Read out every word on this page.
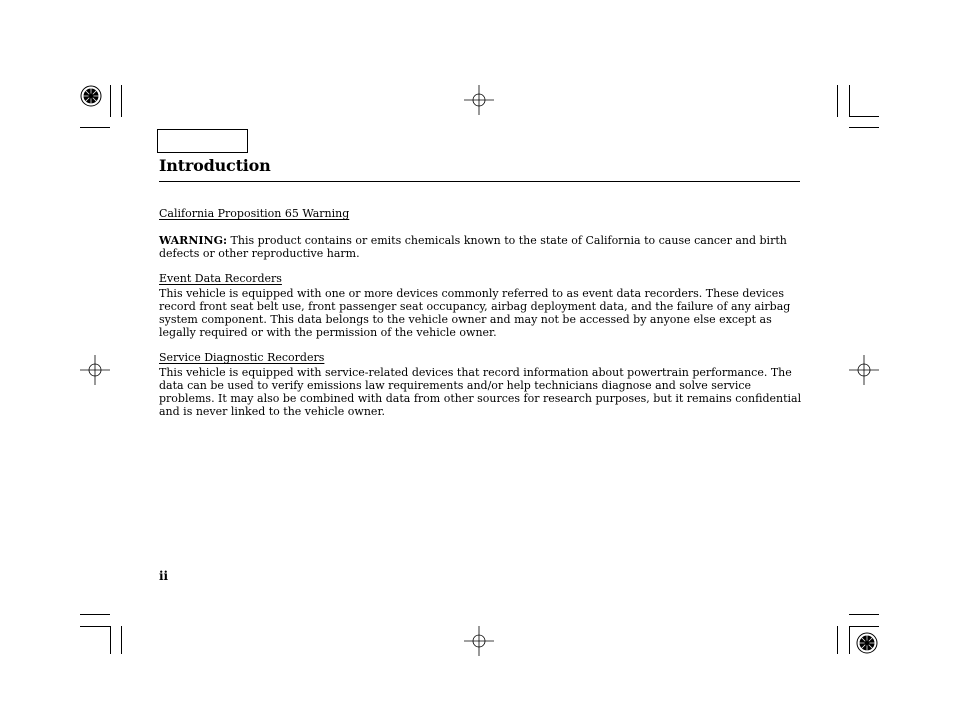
Introduction
California Proposition 65 Warning
WARNING: This product contains or emits chemicals known to the state of California to cause cancer and birth defects or other reproductive harm.
Event Data Recorders
This vehicle is equipped with one or more devices commonly referred to as event data recorders. These devices record front seat belt use, front passenger seat occupancy, airbag deployment data, and the failure of any airbag system component. This data belongs to the vehicle owner and may not be accessed by anyone else except as legally required or with the permission of the vehicle owner.
Service Diagnostic Recorders
This vehicle is equipped with service-related devices that record information about powertrain performance. The data can be used to verify emissions law requirements and/or help technicians diagnose and solve service problems. It may also be combined with data from other sources for research purposes, but it remains confidential and is never linked to the vehicle owner.
ii
